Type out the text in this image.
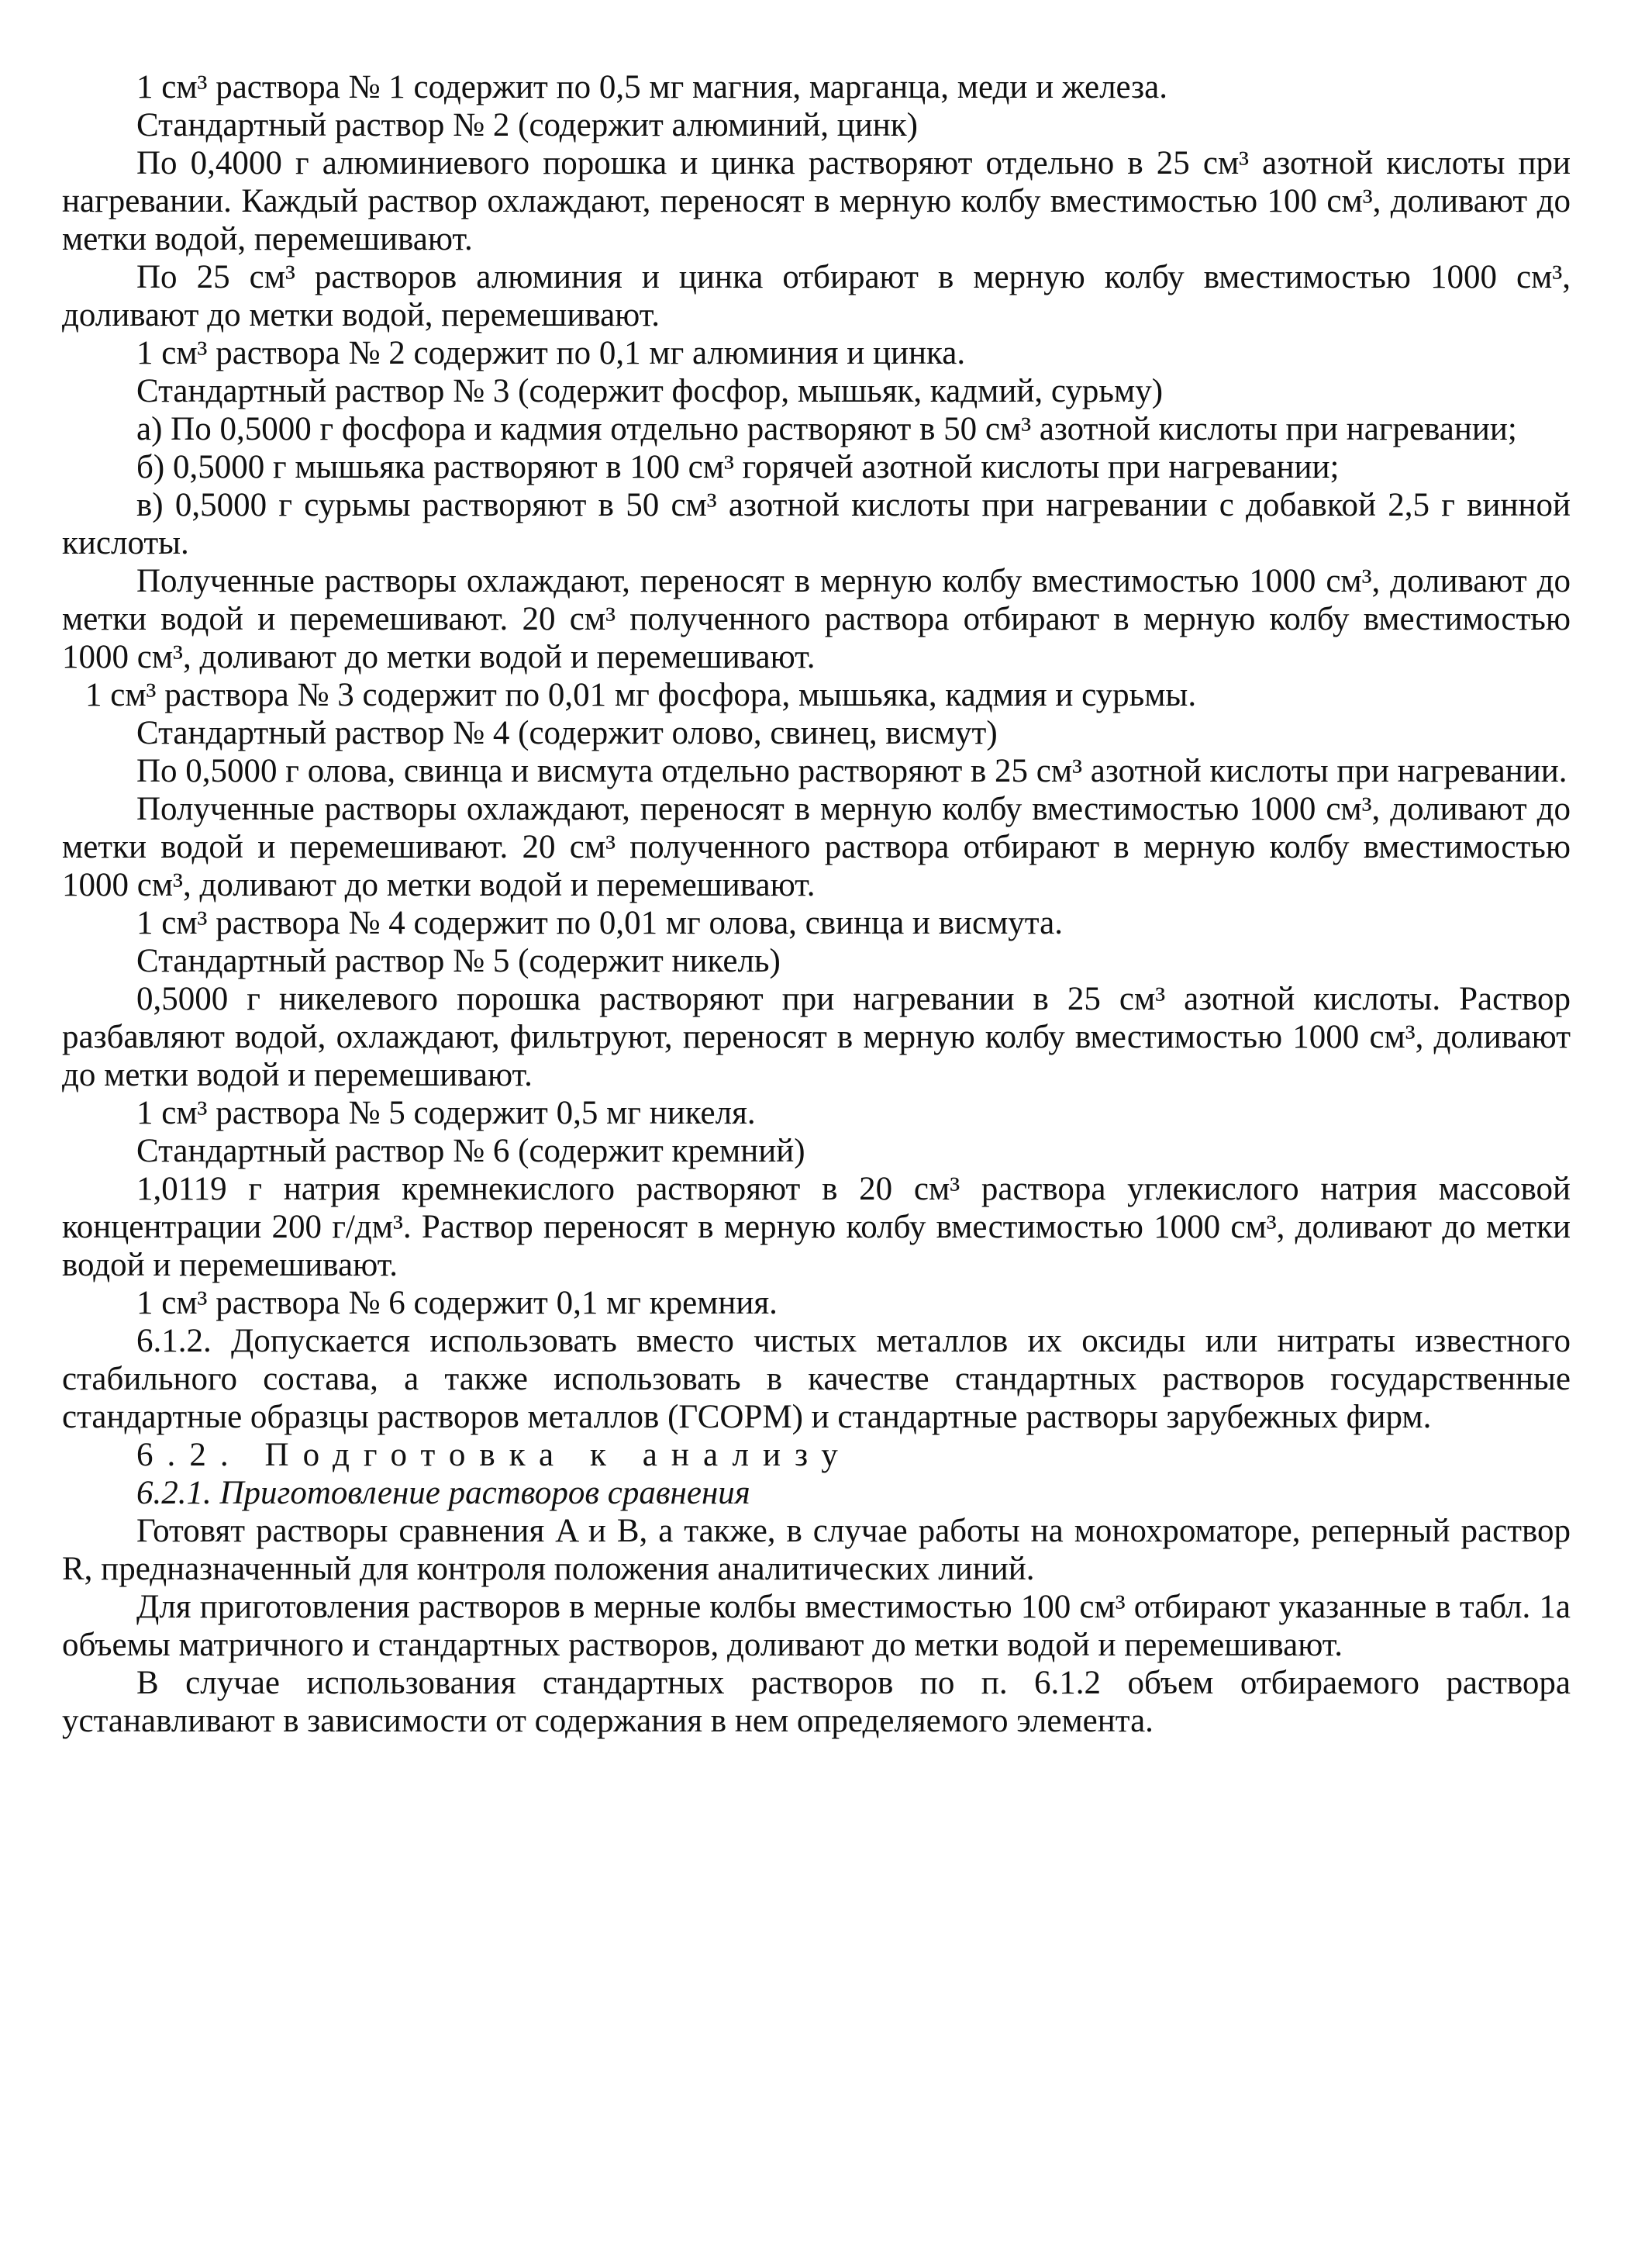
1 см³ раствора № 1 содержит по 0,5 мг магния, марганца, меди и железа.

Стандартный раствор № 2 (содержит алюминий, цинк)

По 0,4000 г алюминиевого порошка и цинка растворяют отдельно в 25 см³ азотной кислоты при нагревании. Каждый раствор охлаждают, переносят в мерную колбу вместимостью 100 см³, доливают до метки водой, перемешивают.

По 25 см³ растворов алюминия и цинка отбирают в мерную колбу вместимостью 1000 см³, доливают до метки водой, перемешивают.

1 см³ раствора № 2 содержит по 0,1 мг алюминия и цинка.

Стандартный раствор № 3 (содержит фосфор, мышьяк, кадмий, сурьму)

а) По 0,5000 г фосфора и кадмия отдельно растворяют в 50 см³ азотной кислоты при нагревании;

б) 0,5000 г мышьяка растворяют в 100 см³ горячей азотной кислоты при нагревании;

в) 0,5000 г сурьмы растворяют в 50 см³ азотной кислоты при нагревании с добавкой 2,5 г винной кислоты.

Полученные растворы охлаждают, переносят в мерную колбу вместимостью 1000 см³, доливают до метки водой и перемешивают. 20 см³ полученного раствора отбирают в мерную колбу вместимостью 1000 см³, доливают до метки водой и перемешивают.

1 см³ раствора № 3 содержит по 0,01 мг фосфора, мышьяка, кадмия и сурьмы.

Стандартный раствор № 4 (содержит олово, свинец, висмут)

По 0,5000 г олова, свинца и висмута отдельно растворяют в 25 см³ азотной кислоты при нагревании.

Полученные растворы охлаждают, переносят в мерную колбу вместимостью 1000 см³, доливают до метки водой и перемешивают. 20 см³ полученного раствора отбирают в мерную колбу вместимостью 1000 см³, доливают до метки водой и перемешивают.

1 см³ раствора № 4 содержит по 0,01 мг олова, свинца и висмута.

Стандартный раствор № 5 (содержит никель)

0,5000 г никелевого порошка растворяют при нагревании в 25 см³ азотной кислоты. Раствор разбавляют водой, охлаждают, фильтруют, переносят в мерную колбу вместимостью 1000 см³, доливают до метки водой и перемешивают.

1 см³ раствора № 5 содержит 0,5 мг никеля.

Стандартный раствор № 6 (содержит кремний)

1,0119 г натрия кремнекислого растворяют в 20 см³ раствора углекислого натрия массовой концентрации 200 г/дм³. Раствор переносят в мерную колбу вместимостью 1000 см³, доливают до метки водой и перемешивают.

1 см³ раствора № 6 содержит 0,1 мг кремния.

6.1.2. Допускается использовать вместо чистых металлов их оксиды или нитраты известного стабильного состава, а также использовать в качестве стандартных растворов государственные стандартные образцы растворов металлов (ГСОРМ) и стандартные растворы зарубежных фирм.

6.2. Подготовка к анализу

6.2.1. Приготовление растворов сравнения

Готовят растворы сравнения A и B, а также, в случае работы на монохроматоре, реперный раствор R, предназначенный для контроля положения аналитических линий.

Для приготовления растворов в мерные колбы вместимостью 100 см³ отбирают указанные в табл. 1а объемы матричного и стандартных растворов, доливают до метки водой и перемешивают.

В случае использования стандартных растворов по п. 6.1.2 объем отбираемого раствора устанавливают в зависимости от содержания в нем определяемого элемента.
